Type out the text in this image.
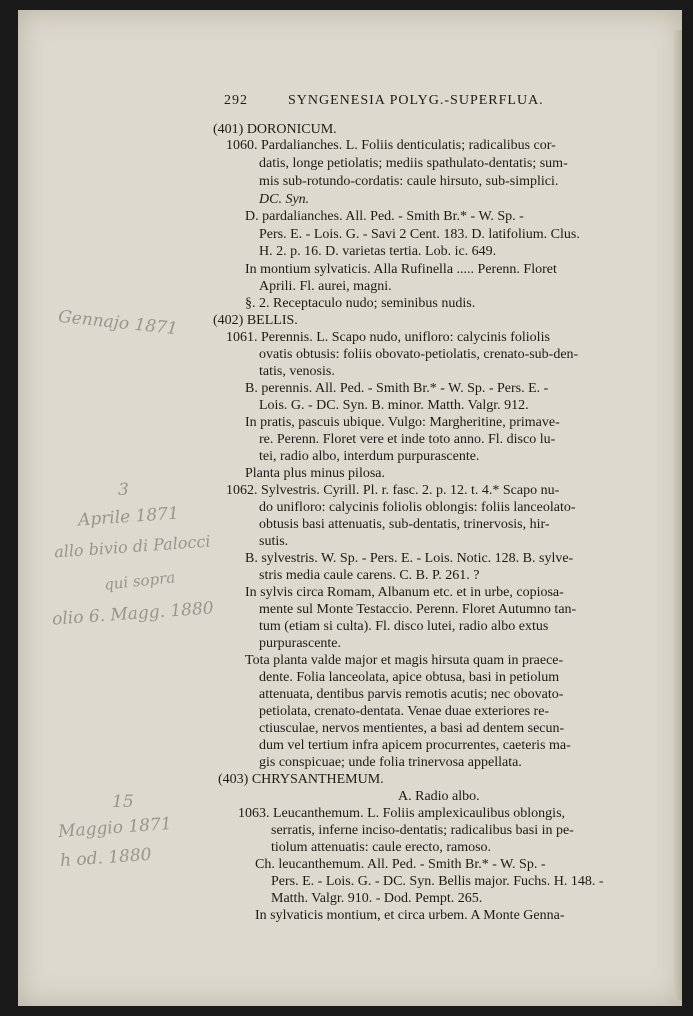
292	SYNGENESIA POLYG.-SUPERFLUA.
(401) DORONICUM.
1060. Pardalianches. L. Foliis denticulatis; radicalibus cor-
datis, longe petiolatis; mediis spathulato-dentatis; sum-
mis sub-rotundo-cordatis: caule hirsuto, sub-simplici.
DC. Syn.
D. pardalianches. All. Ped. - Smith Br.* - W. Sp. -
Pers. E. - Lois. G. - Savi 2 Cent. 183. D. latifolium. Clus.
H. 2. p. 16. D. varietas tertia. Lob. ic. 649.
In montium sylvaticis. Alla Rufinella ..... Perenn. Floret
Aprili. Fl. aurei, magni.
§. 2. Receptaculo nudo; seminibus nudis.
(402) BELLIS.
1061. Perennis. L. Scapo nudo, unifloro: calycinis foliolis
ovatis obtusis: foliis obovato-petiolatis, crenato-sub-den-
tatis, venosis.
B. perennis. All. Ped. - Smith Br.* - W. Sp. - Pers. E. -
Lois. G. - DC. Syn. B. minor. Matth. Valgr. 912.
In pratis, pascuis ubique. Vulgo: Margheritine, primave-
re. Perenn. Floret vere et inde toto anno. Fl. disco lu-
tei, radio albo, interdum purpurascente.
Planta plus minus pilosa.
1062. Sylvestris. Cyrill. Pl. r. fasc. 2. p. 12. t. 4.* Scapo nu-
do unifloro: calycinis foliolis oblongis: foliis lanceolato-
obtusis basi attenuatis, sub-dentatis, trinervosis, hir-
sutis.
B. sylvestris. W. Sp. - Pers. E. - Lois. Notic. 128. B. sylve-
stris media caule carens. C. B. P. 261. ?
In sylvis circa Romam, Albanum etc. et in urbe, copiosa-
mente sul Monte Testaccio. Perenn. Floret Autumno tan-
tum (etiam si culta). Fl. disco lutei, radio albo extus
purpurascente.
Tota planta valde major et magis hirsuta quam in praece-
dente. Folia lanceolata, apice obtusa, basi in petiolum
attenuata, dentibus parvis remotis acutis; nec obovato-
petiolata, crenato-dentata. Venae duae exteriores re-
ctiusculae, nervos mentientes, a basi ad dentem secun-
dum vel tertium infra apicem procurrentes, caeteris ma-
gis conspicuae; unde folia trinervosa appellata.
(403) CHRYSANTHEMUM.
A. Radio albo.
1063. Leucanthemum. L. Foliis amplexicaulibus oblongis,
serratis, inferne inciso-dentatis; radicalibus basi in pe-
tiolum attenuatis: caule erecto, ramoso.
Ch. leucanthemum. All. Ped. - Smith Br.* - W. Sp. -
Pers. E. - Lois. G. - DC. Syn. Bellis major. Fuchs. H. 148. -
Matth. Valgr. 910. - Dod. Pempt. 265.
In sylvaticis montium, et circa urbem. A Monte Genna-
Gennajo 1871
3
Aprile 1871
allo bivio di Palocci
qui sopra
olio 6. Magg. 1880
15
Maggio 1871
h od. 1880
